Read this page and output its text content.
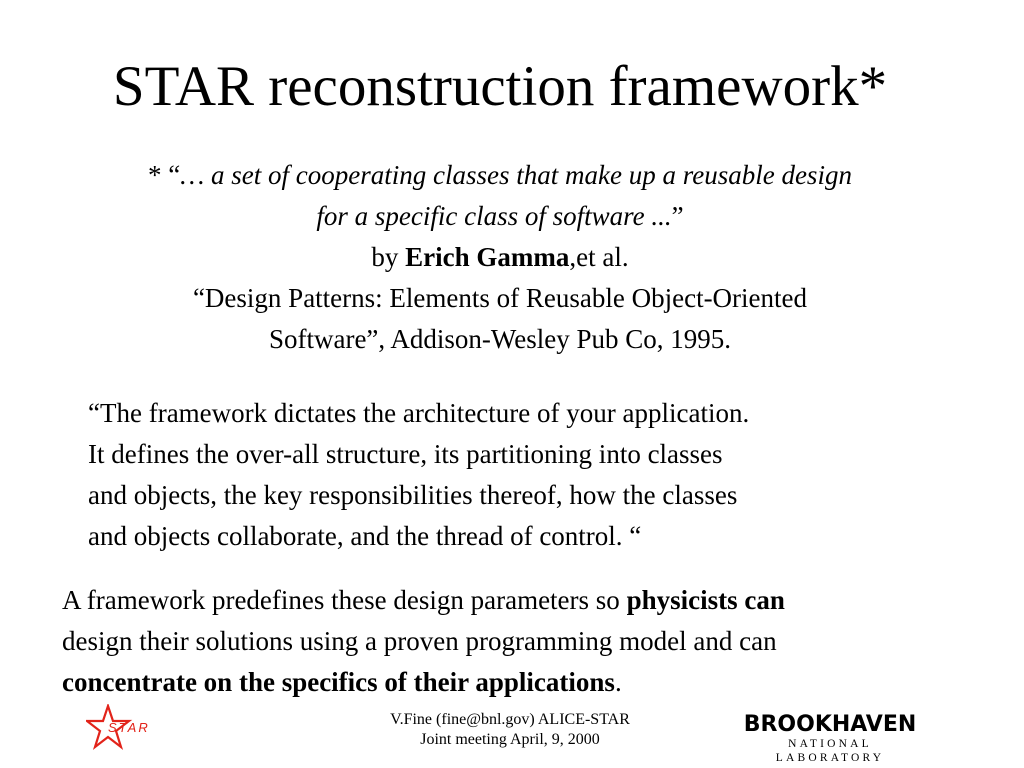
STAR reconstruction framework*
* “… a set of cooperating classes that make up a reusable design
for a specific class of software ...”
by Erich Gamma,et al.
“Design Patterns: Elements of Reusable Object-Oriented
Software”, Addison-Wesley Pub Co, 1995.
“The framework dictates the architecture of your application.
It defines the over-all structure, its partitioning into classes
and objects, the key responsibilities thereof, how the classes
and objects collaborate, and the thread of control. “
A framework predefines these design parameters so physicists can
design their solutions using a proven programming model and can
concentrate on the specifics of their applications.
STAR	V.Fine (fine@bnl.gov) ALICE-STAR
Joint meeting April, 9, 2000
BROOKHAVEN
NATIONAL LABORATORY
